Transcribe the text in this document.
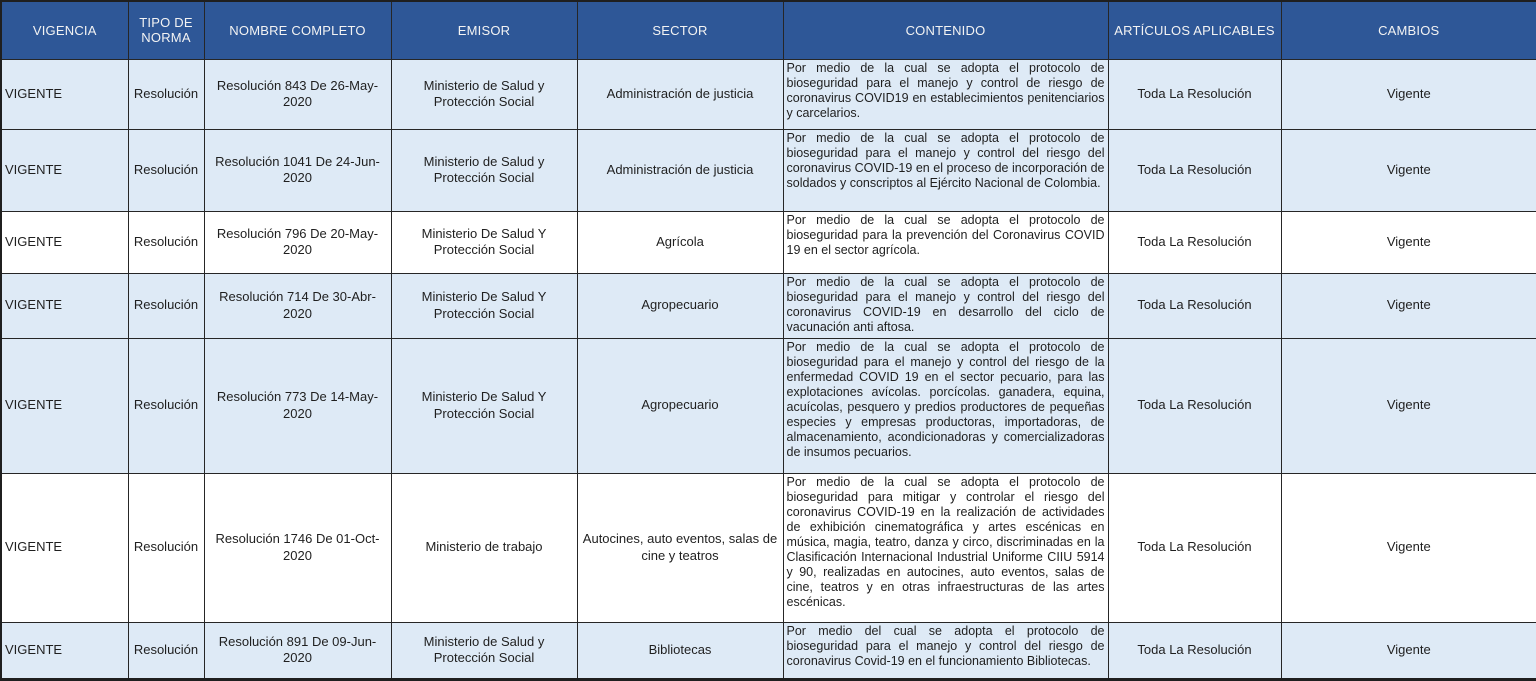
VIGENCIA	TIPO DE NORMA	NOMBRE COMPLETO	EMISOR	SECTOR	CONTENIDO	ARTÍCULOS APLICABLES	CAMBIOS
VIGENTE	Resolución	Resolución 843 De 26-May-2020	Ministerio de Salud y Protección Social	Administración de justicia	Por medio de la cual se adopta el protocolo de bioseguridad para el manejo y control de riesgo de coronavirus COVID19 en establecimientos penitenciarios y carcelarios.	Toda La Resolución	Vigente
VIGENTE	Resolución	Resolución 1041 De 24-Jun-2020	Ministerio de Salud y Protección Social	Administración de justicia	Por medio de la cual se adopta el protocolo de bioseguridad para el manejo y control del riesgo del coronavirus COVID-19 en el proceso de incorporación de soldados y conscriptos al Ejército Nacional de Colombia.	Toda La Resolución	Vigente
VIGENTE	Resolución	Resolución 796 De 20-May-2020	Ministerio De Salud Y Protección Social	Agrícola	Por medio de la cual se adopta el protocolo de bioseguridad para la prevención del Coronavirus COVID 19 en el sector agrícola.	Toda La Resolución	Vigente
VIGENTE	Resolución	Resolución 714 De 30-Abr-2020	Ministerio De Salud Y Protección Social	Agropecuario	Por medio de la cual se adopta el protocolo de bioseguridad para el manejo y control del riesgo del coronavirus COVID-19 en desarrollo del ciclo de vacunación anti aftosa.	Toda La Resolución	Vigente
VIGENTE	Resolución	Resolución 773 De 14-May-2020	Ministerio De Salud Y Protección Social	Agropecuario	Por medio de la cual se adopta el protocolo de bioseguridad para el manejo y control del riesgo de la enfermedad COVID 19 en el sector pecuario, para las explotaciones avícolas. porcícolas. ganadera, equina, acuícolas, pesquero y predios productores de pequeñas especies y empresas productoras, importadoras, de almacenamiento, acondicionadoras y comercializadoras de insumos pecuarios.	Toda La Resolución	Vigente
VIGENTE	Resolución	Resolución 1746 De 01-Oct-2020	Ministerio de trabajo	Autocines, auto eventos, salas de cine y teatros	Por medio de la cual se adopta el protocolo de bioseguridad para mitigar y controlar el riesgo del coronavirus COVID-19 en la realización de actividades de exhibición cinematográfica y artes escénicas en música, magia, teatro, danza y circo, discriminadas en la Clasificación Internacional Industrial Uniforme CIIU 5914 y 90, realizadas en autocines, auto eventos, salas de cine, teatros y en otras infraestructuras de las artes escénicas.	Toda La Resolución	Vigente
VIGENTE	Resolución	Resolución 891 De 09-Jun-2020	Ministerio de Salud y Protección Social	Bibliotecas	Por medio del cual se adopta el protocolo de bioseguridad para el manejo y control del riesgo de coronavirus Covid-19 en el funcionamiento Bibliotecas.	Toda La Resolución	Vigente
